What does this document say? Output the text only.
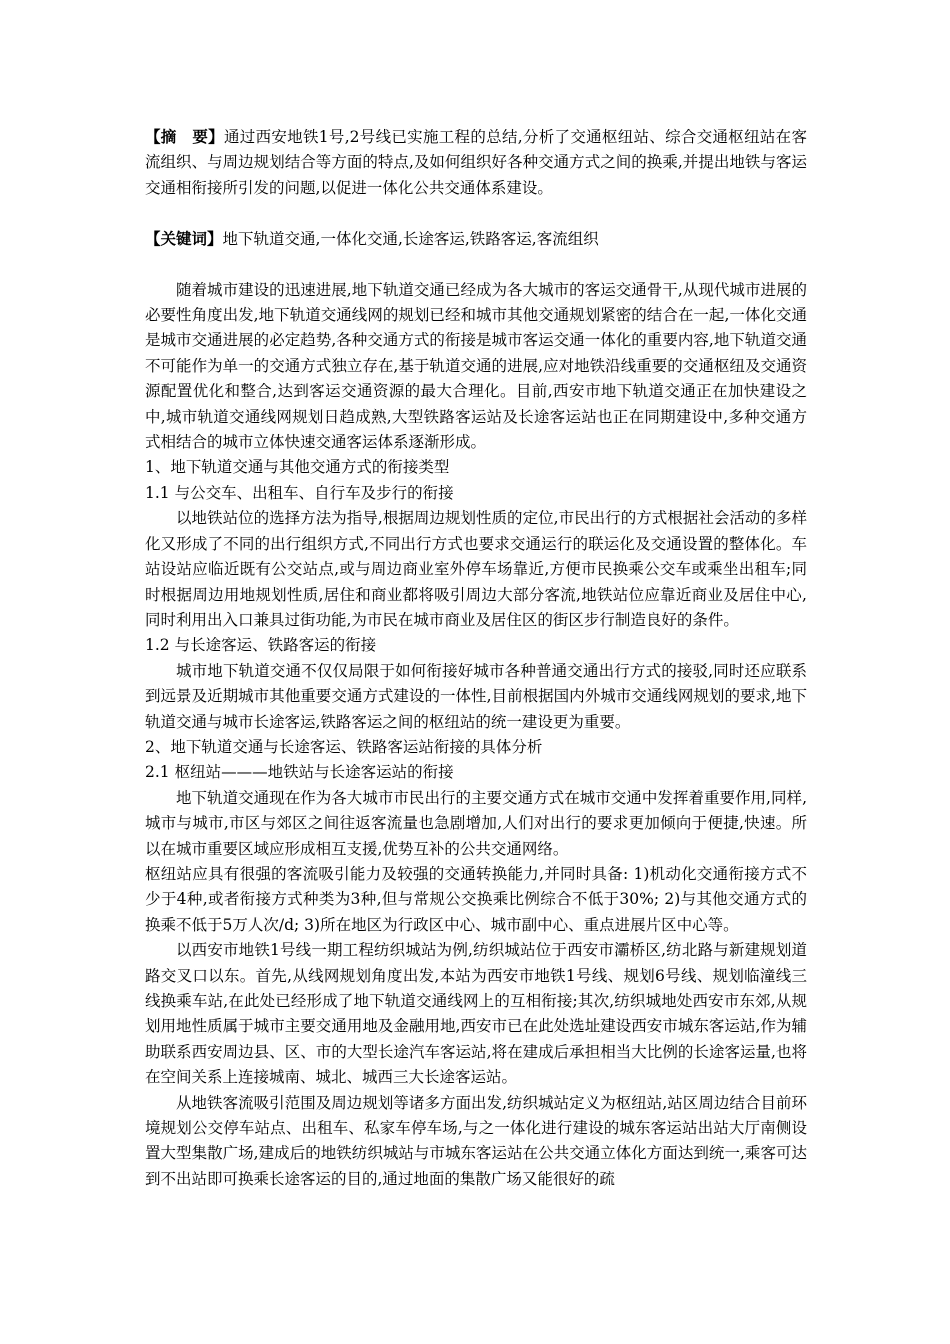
【摘　要】通过西安地铁1号,2号线已实施工程的总结,分析了交通枢纽站、综合交通枢纽站在客流组织、与周边规划结合等方面的特点,及如何组织好各种交通方式之间的换乘,并提出地铁与客运交通相衔接所引发的问题,以促进一体化公共交通体系建设。

【关键词】地下轨道交通,一体化交通,长途客运,铁路客运,客流组织

随着城市建设的迅速进展,地下轨道交通已经成为各大城市的客运交通骨干,从现代城市进展的必要性角度出发,地下轨道交通线网的规划已经和城市其他交通规划紧密的结合在一起,一体化交通是城市交通进展的必定趋势,各种交通方式的衔接是城市客运交通一体化的重要内容,地下轨道交通不可能作为单一的交通方式独立存在,基于轨道交通的进展,应对地铁沿线重要的交通枢纽及交通资源配置优化和整合,达到客运交通资源的最大合理化。目前,西安市地下轨道交通正在加快建设之中,城市轨道交通线网规划日趋成熟,大型铁路客运站及长途客运站也正在同期建设中,多种交通方式相结合的城市立体快速交通客运体系逐渐形成。

1、地下轨道交通与其他交通方式的衔接类型

1.1 与公交车、出租车、自行车及步行的衔接

以地铁站位的选择方法为指导,根据周边规划性质的定位,市民出行的方式根据社会活动的多样化又形成了不同的出行组织方式,不同出行方式也要求交通运行的联运化及交通设置的整体化。车站设站应临近既有公交站点,或与周边商业室外停车场靠近,方便市民换乘公交车或乘坐出租车;同时根据周边用地规划性质,居住和商业都将吸引周边大部分客流,地铁站位应靠近商业及居住中心,同时利用出入口兼具过街功能,为市民在城市商业及居住区的街区步行制造良好的条件。

1.2 与长途客运、铁路客运的衔接

城市地下轨道交通不仅仅局限于如何衔接好城市各种普通交通出行方式的接驳,同时还应联系到远景及近期城市其他重要交通方式建设的一体性,目前根据国内外城市交通线网规划的要求,地下轨道交通与城市长途客运,铁路客运之间的枢纽站的统一建设更为重要。

2、地下轨道交通与长途客运、铁路客运站衔接的具体分析

2.1 枢纽站———地铁站与长途客运站的衔接

地下轨道交通现在作为各大城市市民出行的主要交通方式在城市交通中发挥着重要作用,同样,城市与城市,市区与郊区之间往返客流量也急剧增加,人们对出行的要求更加倾向于便捷,快速。所以在城市重要区域应形成相互支援,优势互补的公共交通网络。

枢纽站应具有很强的客流吸引能力及较强的交通转换能力,并同时具备: 1)机动化交通衔接方式不少于4种,或者衔接方式种类为3种,但与常规公交换乘比例综合不低于30%; 2)与其他交通方式的换乘不低于5万人次/d; 3)所在地区为行政区中心、城市副中心、重点进展片区中心等。

以西安市地铁1号线一期工程纺织城站为例,纺织城站位于西安市灞桥区,纺北路与新建规划道路交叉口以东。首先,从线网规划角度出发,本站为西安市地铁1号线、规划6号线、规划临潼线三线换乘车站,在此处已经形成了地下轨道交通线网上的互相衔接;其次,纺织城地处西安市东郊,从规划用地性质属于城市主要交通用地及金融用地,西安市已在此处选址建设西安市城东客运站,作为辅助联系西安周边县、区、市的大型长途汽车客运站,将在建成后承担相当大比例的长途客运量,也将在空间关系上连接城南、城北、城西三大长途客运站。

从地铁客流吸引范围及周边规划等诸多方面出发,纺织城站定义为枢纽站,站区周边结合目前环境规划公交停车站点、出租车、私家车停车场,与之一体化进行建设的城东客运站出站大厅南侧设置大型集散广场,建成后的地铁纺织城站与市城东客运站在公共交通立体化方面达到统一,乘客可达到不出站即可换乘长途客运的目的,通过地面的集散广场又能很好的疏
